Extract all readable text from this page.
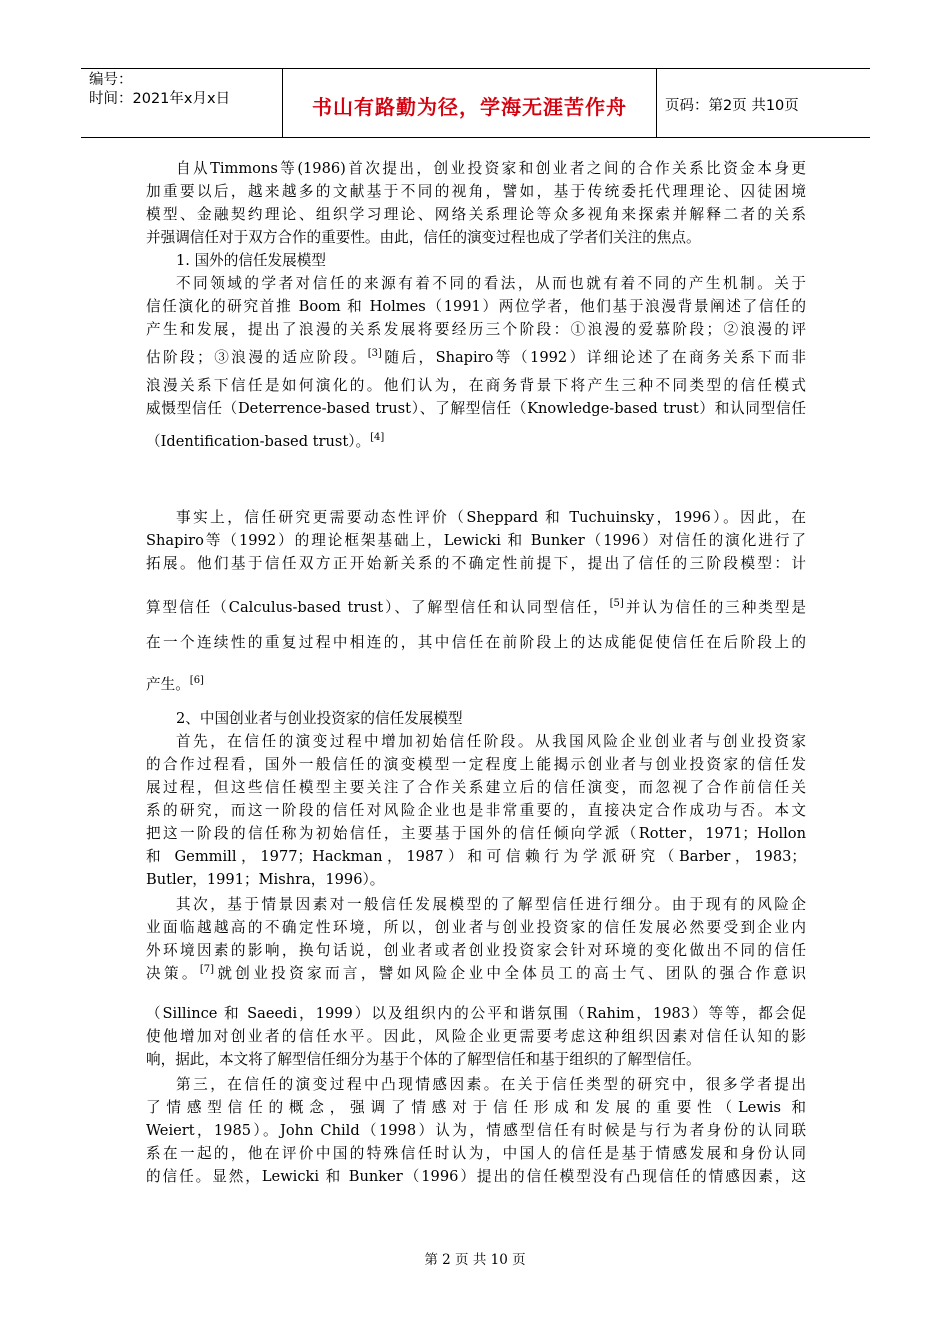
编号：
时间：2021年x月x日	书山有路勤为径，学海无涯苦作舟	页码：第2页 共10页
自从Timmons等(1986)首次提出，创业投资家和创业者之间的合作关系比资金本身更
加重要以后，越来越多的文献基于不同的视角，譬如，基于传统委托代理理论、囚徒困境
模型、金融契约理论、组织学习理论、网络关系理论等众多视角来探索并解释二者的关系
并强调信任对于双方合作的重要性。由此，信任的演变过程也成了学者们关注的焦点。
1. 国外的信任发展模型
不同领域的学者对信任的来源有着不同的看法，从而也就有着不同的产生机制。关于
信任演化的研究首推 Boom 和 Holmes（1991）两位学者，他们基于浪漫背景阐述了信任的
产生和发展，提出了浪漫的关系发展将要经历三个阶段：①浪漫的爱慕阶段；②浪漫的评
估阶段；③浪漫的适应阶段。[3]随后，Shapiro等（1992）详细论述了在商务关系下而非
浪漫关系下信任是如何演化的。他们认为，在商务背景下将产生三种不同类型的信任模式
威慑型信任（Deterrence-based trust）、了解型信任（Knowledge-based trust）和认同型信任
（Identification-based trust）。[4]
事实上，信任研究更需要动态性评价（Sheppard 和 Tuchuinsky，1996）。因此，在
Shapiro等（1992）的理论框架基础上，Lewicki 和 Bunker（1996）对信任的演化进行了
拓展。他们基于信任双方正开始新关系的不确定性前提下，提出了信任的三阶段模型：计
算型信任（Calculus-based trust）、了解型信任和认同型信任，[5]并认为信任的三种类型是
在一个连续性的重复过程中相连的，其中信任在前阶段上的达成能促使信任在后阶段上的
产生。[6]
2、中国创业者与创业投资家的信任发展模型
首先，在信任的演变过程中增加初始信任阶段。从我国风险企业创业者与创业投资家
的合作过程看，国外一般信任的演变模型一定程度上能揭示创业者与创业投资家的信任发
展过程，但这些信任模型主要关注了合作关系建立后的信任演变，而忽视了合作前信任关
系的研究，而这一阶段的信任对风险企业也是非常重要的，直接决定合作成功与否。本文
把这一阶段的信任称为初始信任，主要基于国外的信任倾向学派（Rotter，1971；Hollon
和 Gemmill，1977；Hackman，1987）和可信赖行为学派研究（Barber，1983；
Butler，1991；Mishra，1996）。
其次，基于情景因素对一般信任发展模型的了解型信任进行细分。由于现有的风险企
业面临越越高的不确定性环境，所以，创业者与创业投资家的信任发展必然要受到企业内
外环境因素的影响，换句话说，创业者或者创业投资家会针对环境的变化做出不同的信任
决策。[7]就创业投资家而言，譬如风险企业中全体员工的高士气、团队的强合作意识
（Sillince 和 Saeedi，1999）以及组织内的公平和谐氛围（Rahim，1983）等等，都会促
使他增加对创业者的信任水平。因此，风险企业更需要考虑这种组织因素对信任认知的影
响，据此，本文将了解型信任细分为基于个体的了解型信任和基于组织的了解型信任。
第三，在信任的演变过程中凸现情感因素。在关于信任类型的研究中，很多学者提出
了情感型信任的概念，强调了情感对于信任形成和发展的重要性（Lewis 和
Weiert，1985）。John Child（1998）认为，情感型信任有时候是与行为者身份的认同联
系在一起的，他在评价中国的特殊信任时认为，中国人的信任是基于情感发展和身份认同
的信任。显然，Lewicki 和 Bunker（1996）提出的信任模型没有凸现信任的情感因素，这
第 2 页 共 10 页
